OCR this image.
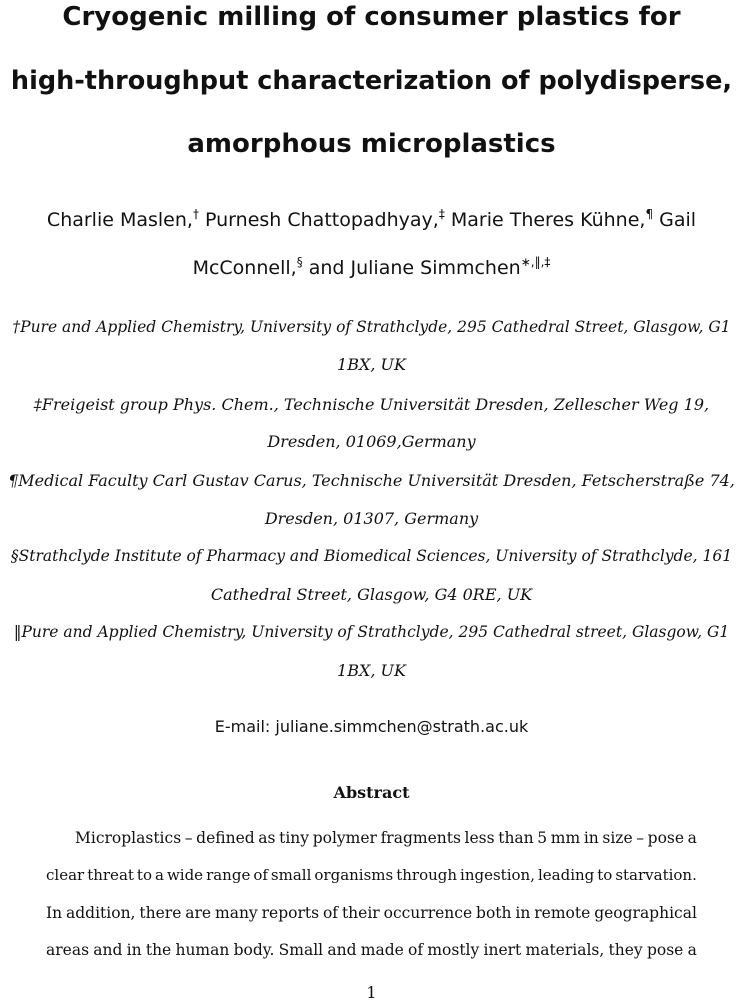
Cryogenic milling of consumer plastics for
high-throughput characterization of polydisperse,
amorphous microplastics
Charlie Maslen,† Purnesh Chattopadhyay,‡ Marie Theres Kühne,¶ Gail
McConnell,§ and Juliane Simmchen∗,‖,‡
†Pure and Applied Chemistry, University of Strathclyde, 295 Cathedral Street, Glasgow, G1
1BX, UK
‡Freigeist group Phys. Chem., Technische Universität Dresden, Zellescher Weg 19,
Dresden, 01069,Germany
¶Medical Faculty Carl Gustav Carus, Technische Universität Dresden, Fetscherstraße 74,
Dresden, 01307, Germany
§Strathclyde Institute of Pharmacy and Biomedical Sciences, University of Strathclyde, 161
Cathedral Street, Glasgow, G4 0RE, UK
‖Pure and Applied Chemistry, University of Strathclyde, 295 Cathedral street, Glasgow, G1
1BX, UK
E-mail: juliane.simmchen@strath.ac.uk
Abstract
Microplastics – defined as tiny polymer fragments less than 5 mm in size – pose a
clear threat to a wide range of small organisms through ingestion, leading to starvation.
In addition, there are many reports of their occurrence both in remote geographical
areas and in the human body. Small and made of mostly inert materials, they pose a
1
